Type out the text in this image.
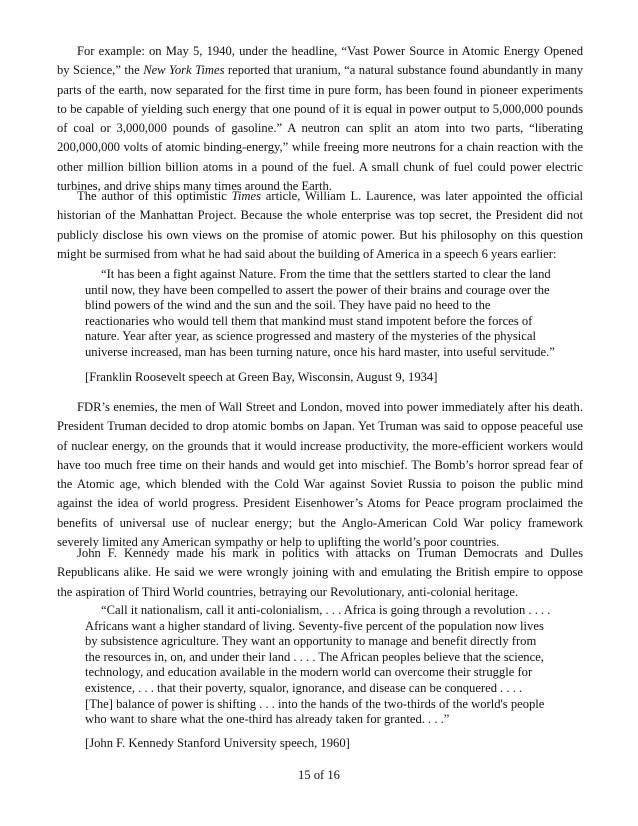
For example: on May 5, 1940, under the headline, “Vast Power Source in Atomic Energy Opened by Science,” the New York Times reported that uranium, “a natural substance found abundantly in many parts of the earth, now separated for the first time in pure form, has been found in pioneer experiments to be capable of yielding such energy that one pound of it is equal in power output to 5,000,000 pounds of coal or 3,000,000 pounds of gasoline.” A neutron can split an atom into two parts, “liberating 200,000,000 volts of atomic binding-energy,” while freeing more neutrons for a chain reaction with the other million billion billion atoms in a pound of the fuel. A small chunk of fuel could power electric turbines, and drive ships many times around the Earth.

The author of this optimistic Times article, William L. Laurence, was later appointed the official historian of the Manhattan Project. Because the whole enterprise was top secret, the President did not publicly disclose his own views on the promise of atomic power. But his philosophy on this question might be surmised from what he had said about the building of America in a speech 6 years earlier:

“It has been a fight against Nature. From the time that the settlers started to clear the land
until now, they have been compelled to assert the power of their brains and courage over the
blind powers of the wind and the sun and the soil. They have paid no heed to the
reactionaries who would tell them that mankind must stand impotent before the forces of
nature. Year after year, as science progressed and mastery of the mysteries of the physical
universe increased, man has been turning nature, once his hard master, into useful servitude.”

[Franklin Roosevelt speech at Green Bay, Wisconsin, August 9, 1934]

FDR’s enemies, the men of Wall Street and London, moved into power immediately after his death. President Truman decided to drop atomic bombs on Japan. Yet Truman was said to oppose peaceful use of nuclear energy, on the grounds that it would increase productivity, the more-efficient workers would have too much free time on their hands and would get into mischief. The Bomb’s horror spread fear of the Atomic age, which blended with the Cold War against Soviet Russia to poison the public mind against the idea of world progress. President Eisenhower’s Atoms for Peace program proclaimed the benefits of universal use of nuclear energy; but the Anglo-American Cold War policy framework severely limited any American sympathy or help to uplifting the world’s poor countries.

John F. Kennedy made his mark in politics with attacks on Truman Democrats and Dulles Republicans alike. He said we were wrongly joining with and emulating the British empire to oppose the aspiration of Third World countries, betraying our Revolutionary, anti-colonial heritage.

“Call it nationalism, call it anti-colonialism, . . . Africa is going through a revolution . . . .
Africans want a higher standard of living. Seventy-five percent of the population now lives
by subsistence agriculture. They want an opportunity to manage and benefit directly from
the resources in, on, and under their land . . . . The African peoples believe that the science,
technology, and education available in the modern world can overcome their struggle for
existence, . . . that their poverty, squalor, ignorance, and disease can be conquered . . . .
[The] balance of power is shifting . . . into the hands of the two-thirds of the world's people
who want to share what the one-third has already taken for granted. . . .”

[John F. Kennedy Stanford University speech, 1960]

15 of 16
